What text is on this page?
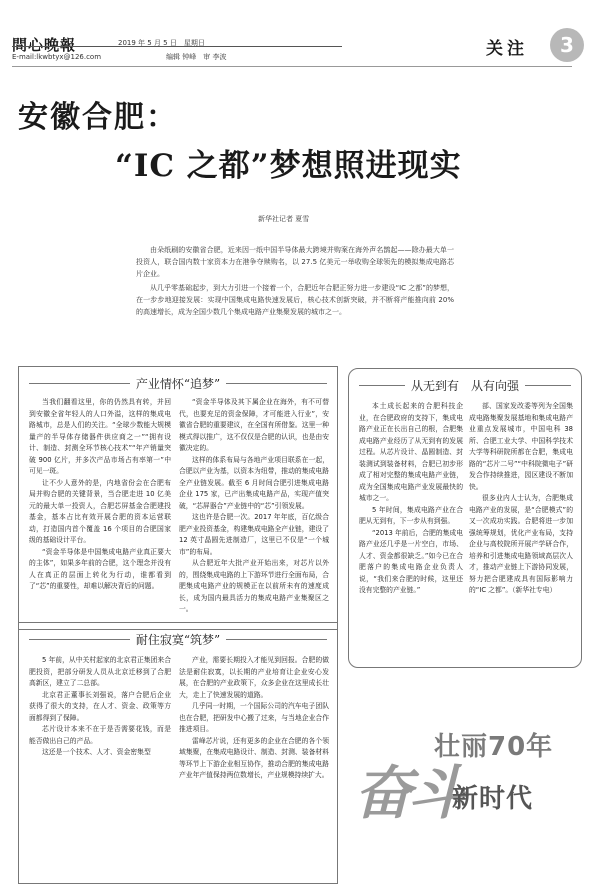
問心晚報	2019 年 5 月 5 日　星期日
E-mail:lkwbtyx@126.com	编辑 钟峰　审 李波	关注	3
安徽合肥：
“IC 之都”梦想照进现实
新华社记者 夏雪

由朵纸刷的安徽省合肥，近来因一纸中国半导体最大跨境并购案在海外声名鹊起——除办最大单一投资人，联合国内数十家资本力在港争夺赎购名，以 27.5 亿美元一举收购全球领先的模拟集成电路芯片企业。

从几乎零基础起步，到大力引进一个接着一个，合肥近年合肥正努力进一步建设“IC 之都”的梦想，在一步步地迎接发展：实现中国集成电路快速发展后，核心技术创新突破，并不断将产能推向前 20% 的高速增长，成为全国少数几个集成电路产业集聚发展的城市之一。

产业情怀“追梦”

当我们翻看这里，你的仍然具有转，并回到安徽全省年轻人的人口外溢，这样的集成电路城市，总是人们的关注。“全球少数能大规模量产的半导体存储器件供应商之一”“拥有设计、制造、封测全环节核心技术”“年产销量突破 900 亿片，并多次产品市场占有率第一”中可见一斑。

让不少人意外的是，内地省份会在合肥布局并购合肥的关键背景，当合肥走进 10 亿美元的最大单一投资人，合肥芯屏基金合肥建投基金，基本占比有效开展合肥的资本运营联动，打造国内首个覆盖 16 个项目的合肥国家级的基础设计平台。

“资金半导体是中国集成电路产业真正要大的主体”，如果多年前的合肥，这个理念并没有人在真正的层面上转化为行动，谁都看到了“芯”的重要性，却难以解决背后的问题。

“资金半导体及其下属企业在海外，有不可替代，也要充足的资金保障，才可能进入行业”，安徽省合肥的重要建议，在全国有所借鉴。这里一种模式得以推广，这不仅仅是合肥的认识，也是由安徽决定的。

这样的体系布局与各地产业项目联系在一起，合肥以产业为基，以资本为纽带，推动的集成电路全产业链发展。截至 6 月时间合肥引进集成电路企业 175 家，已产出集成电路产品，实现产值突破，“芯屏器合”产业链中的“芯”引领发展。

这也许是合肥一次。2017 年年底，百亿级合肥产业投资基金，构建集成电路全产业链，建设了 12 英寸晶圆先进制造厂，这里已不仅是“一个城市”的布局。

从合肥近年大批产业开始出来，对芯片以外的，围绕集成电路的上下游环节进行全面布局，合肥集成电路产业的规模正在以前所未有的速度成长，成为国内最具活力的集成电路产业集聚区之一。

从无到有　从有向强

本土成长起来的合肥科技企业，在合肥政府的支持下，集成电路产业正在长出自己的根，合肥集成电路产业经历了从无到有的发展过程。从芯片设计、晶圆制造、封装测试到装备材料，合肥已初步形成了相对完整的集成电路产业链，成为全国集成电路产业发展最快的城市之一。

5 年时间，集成电路产业在合肥从无到有，下一步从有到强。

“2013 年前后，合肥的集成电路产业还几乎是一片空白，市场、人才、资金都很缺乏。”如今已在合肥落户的集成电路企业负责人说，“我们来合肥的时候，这里还没有完整的产业链。”

部、国家发改委等列为全国集成电路集聚发展基地和集成电路产业重点发展城市，中国电科 38 所、合肥工业大学、中国科学技术大学等科研院所都在合肥，集成电路的“芯片二号”“中科院微电子”研发合作持续推进，园区建设不断加快。

很多业内人士认为，合肥集成电路产业的发展，是“合肥模式”的又一次成功实践。合肥将进一步加强统筹规划，优化产业布局，支持企业与高校院所开展产学研合作，培养和引进集成电路领域高层次人才，推动产业链上下游协同发展，努力把合肥建成具有国际影响力的“IC 之都”。（新华社专电）

耐住寂寞“筑梦”

5 年前，从中关村起家的北京君正集团来合肥投资，把部分研发人员从北京迁移到了合肥高新区，建立了二总部。

北京君正董事长刘强说，落户合肥后企业获得了很大的支持，在人才、资金、政策等方面都得到了保障。

芯片设计本来不在于是否需要花钱，而是能否做出自己的产品。

这还是一个技术、人才、资金密集型

产业，需要长期投入才能见到回报。合肥的做法是耐住寂寞，以长期的产业培育让企业安心发展，在合肥的产业政策下，众多企业在这里成长壮大，走上了快速发展的道路。

几乎同一时期，一个国际公司的汽车电子团队也在合肥，把研发中心搬了过来，与当地企业合作推进项目。

雷峰芯片说，还有更多的企业在合肥的各个领域集聚，在集成电路设计、制造、封测、装备材料等环节上下游企业相互协作，推动合肥的集成电路产业年产值保持两位数增长，产业规模持续扩大。

壮丽70年
奋斗
新时代
